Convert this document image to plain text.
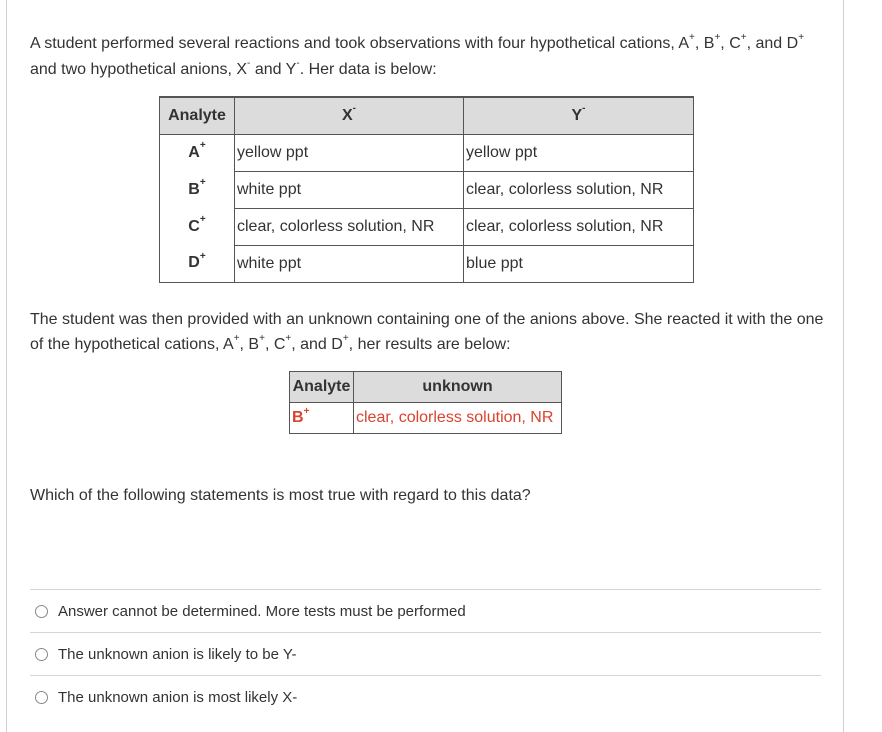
A student performed several reactions and took observations with four hypothetical cations, A+, B+, C+, and D+ and two hypothetical anions, X- and Y-. Her data is below:
Analyte	X-	Y-
A+	yellow ppt	yellow ppt
B+	white ppt	clear, colorless solution, NR
C+	clear, colorless solution, NR	clear, colorless solution, NR
D+	white ppt	blue ppt
The student was then provided with an unknown containing one of the anions above. She reacted it with the one of the hypothetical cations, A+, B+, C+, and D+, her results are below:
Analyte	unknown
B+	clear, colorless solution, NR
Which of the following statements is most true with regard to this data?
Answer cannot be determined. More tests must be performed
The unknown anion is likely to be Y-
The unknown anion is most likely X-
